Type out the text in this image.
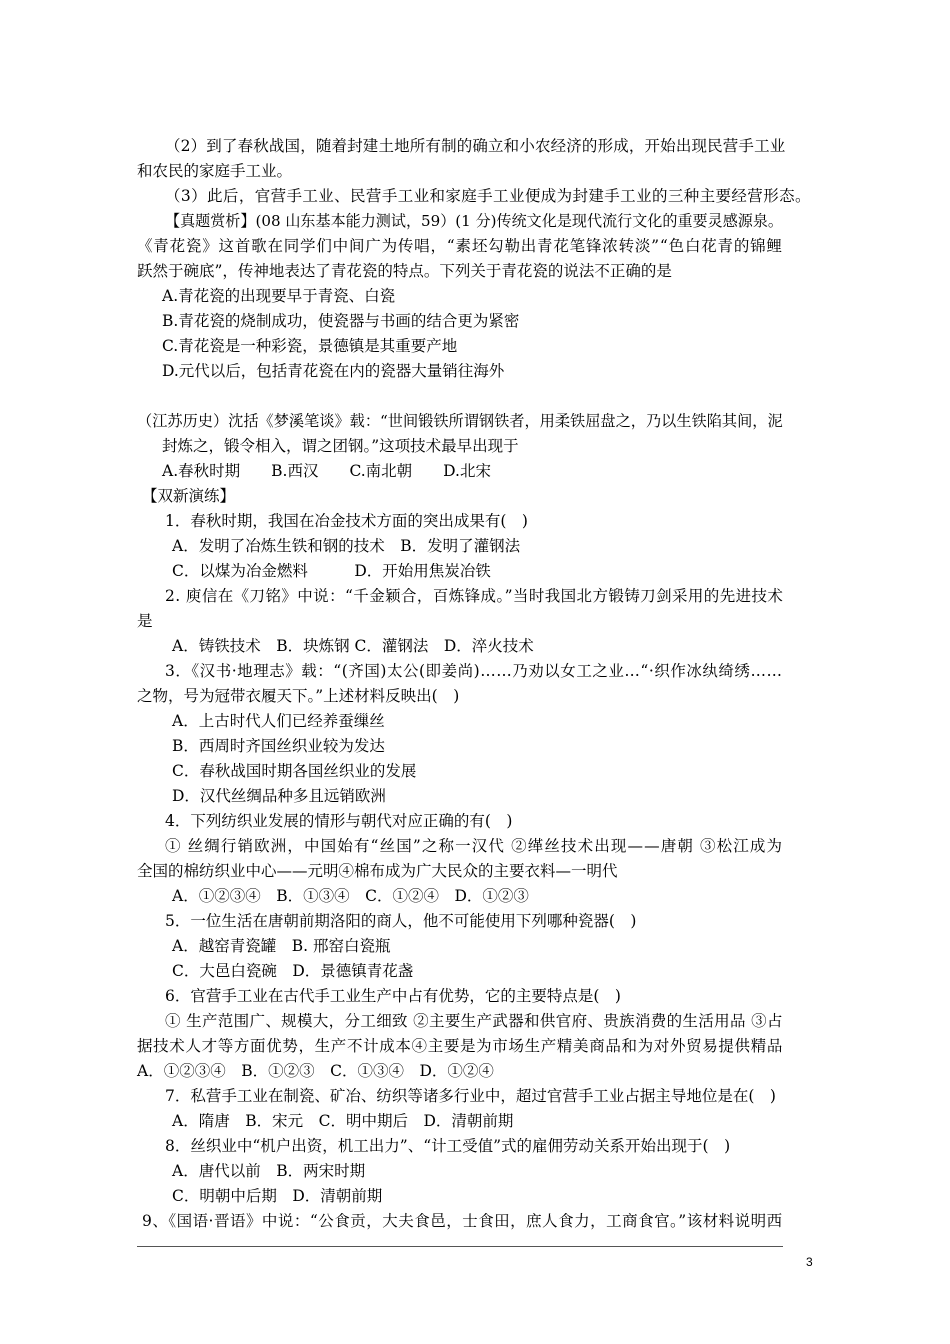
（2）到了春秋战国，随着封建土地所有制的确立和小农经济的形成，开始出现民营手工业
和农民的家庭手工业。
（3）此后，官营手工业、民营手工业和家庭手工业便成为封建手工业的三种主要经营形态。
【真题赏析】(08 山东基本能力测试，59）(1 分)传统文化是现代流行文化的重要灵感源泉。
《青花瓷》这首歌在同学们中间广为传唱，“素坯勾勒出青花笔锋浓转淡”“色白花青的锦鲤
跃然于碗底”，传神地表达了青花瓷的特点。下列关于青花瓷的说法不正确的是
A.青花瓷的出现要早于青瓷、白瓷
B.青花瓷的烧制成功，使瓷器与书画的结合更为紧密
C.青花瓷是一种彩瓷，景德镇是其重要产地
D.元代以后，包括青花瓷在内的瓷器大量销往海外
（江苏历史）沈括《梦溪笔谈》载：“世间锻铁所谓钢铁者，用柔铁屈盘之，乃以生铁陷其间，泥
封炼之，锻令相入，谓之团钢。”这项技术最早出现于
A.春秋时期　　B.西汉　　C.南北朝　　D.北宋
【双新演练】
1．春秋时期，我国在冶金技术方面的突出成果有(　)
A．发明了冶炼生铁和钢的技术　B．发明了灌钢法
C．以煤为冶金燃料　　　D．开始用焦炭冶铁
2. 庾信在《刀铭》中说：“千金颖合，百炼锋成。”当时我国北方锻铸刀剑采用的先进技术
是
A．铸铁技术　B．块炼钢 C．灌钢法　D．淬火技术
3．《汉书·地理志》载：“(齐国)太公(即姜尚)……乃劝以女工之业…“·织作冰纨绮绣……
之物，号为冠带衣履天下。”上述材料反映出(　)
A．上古时代人们已经养蚕缫丝
B．西周时齐国丝织业较为发达
C．春秋战国时期各国丝织业的发展
D．汉代丝绸品种多且远销欧洲
4．下列纺织业发展的情形与朝代对应正确的有(　)
① 丝绸行销欧洲，中国始有“丝国”之称一汉代 ②缂丝技术出现——唐朝 ③松江成为
全国的棉纺织业中心——元明④棉布成为广大民众的主要衣料—一明代
A．①②③④　B．①③④　C．①②④　D．①②③
5．一位生活在唐朝前期洛阳的商人，他不可能使用下列哪种瓷器(　)
A．越窑青瓷罐　B. 邢窑白瓷瓶
C．大邑白瓷碗　D．景德镇青花盏
6．官营手工业在古代手工业生产中占有优势，它的主要特点是(　)
① 生产范围广、规模大，分工细致 ②主要生产武器和供官府、贵族消费的生活用品 ③占
据技术人才等方面优势，生产不计成本④主要是为市场生产精美商品和为对外贸易提供精品
A．①②③④　B．①②③　C．①③④　D．①②④
7．私营手工业在制瓷、矿冶、纺织等诸多行业中，超过官营手工业占据主导地位是在(　)
A．隋唐　B．宋元　C．明中期后　D．清朝前期
8．丝织业中“机户出资，机工出力”、“计工受值”式的雇佣劳动关系开始出现于(　)
A．唐代以前　B．两宋时期
C．明朝中后期　D．清朝前期
9、《国语·晋语》中说：“公食贡，大夫食邑，士食田，庶人食力，工商食官。”该材料说明西
3
